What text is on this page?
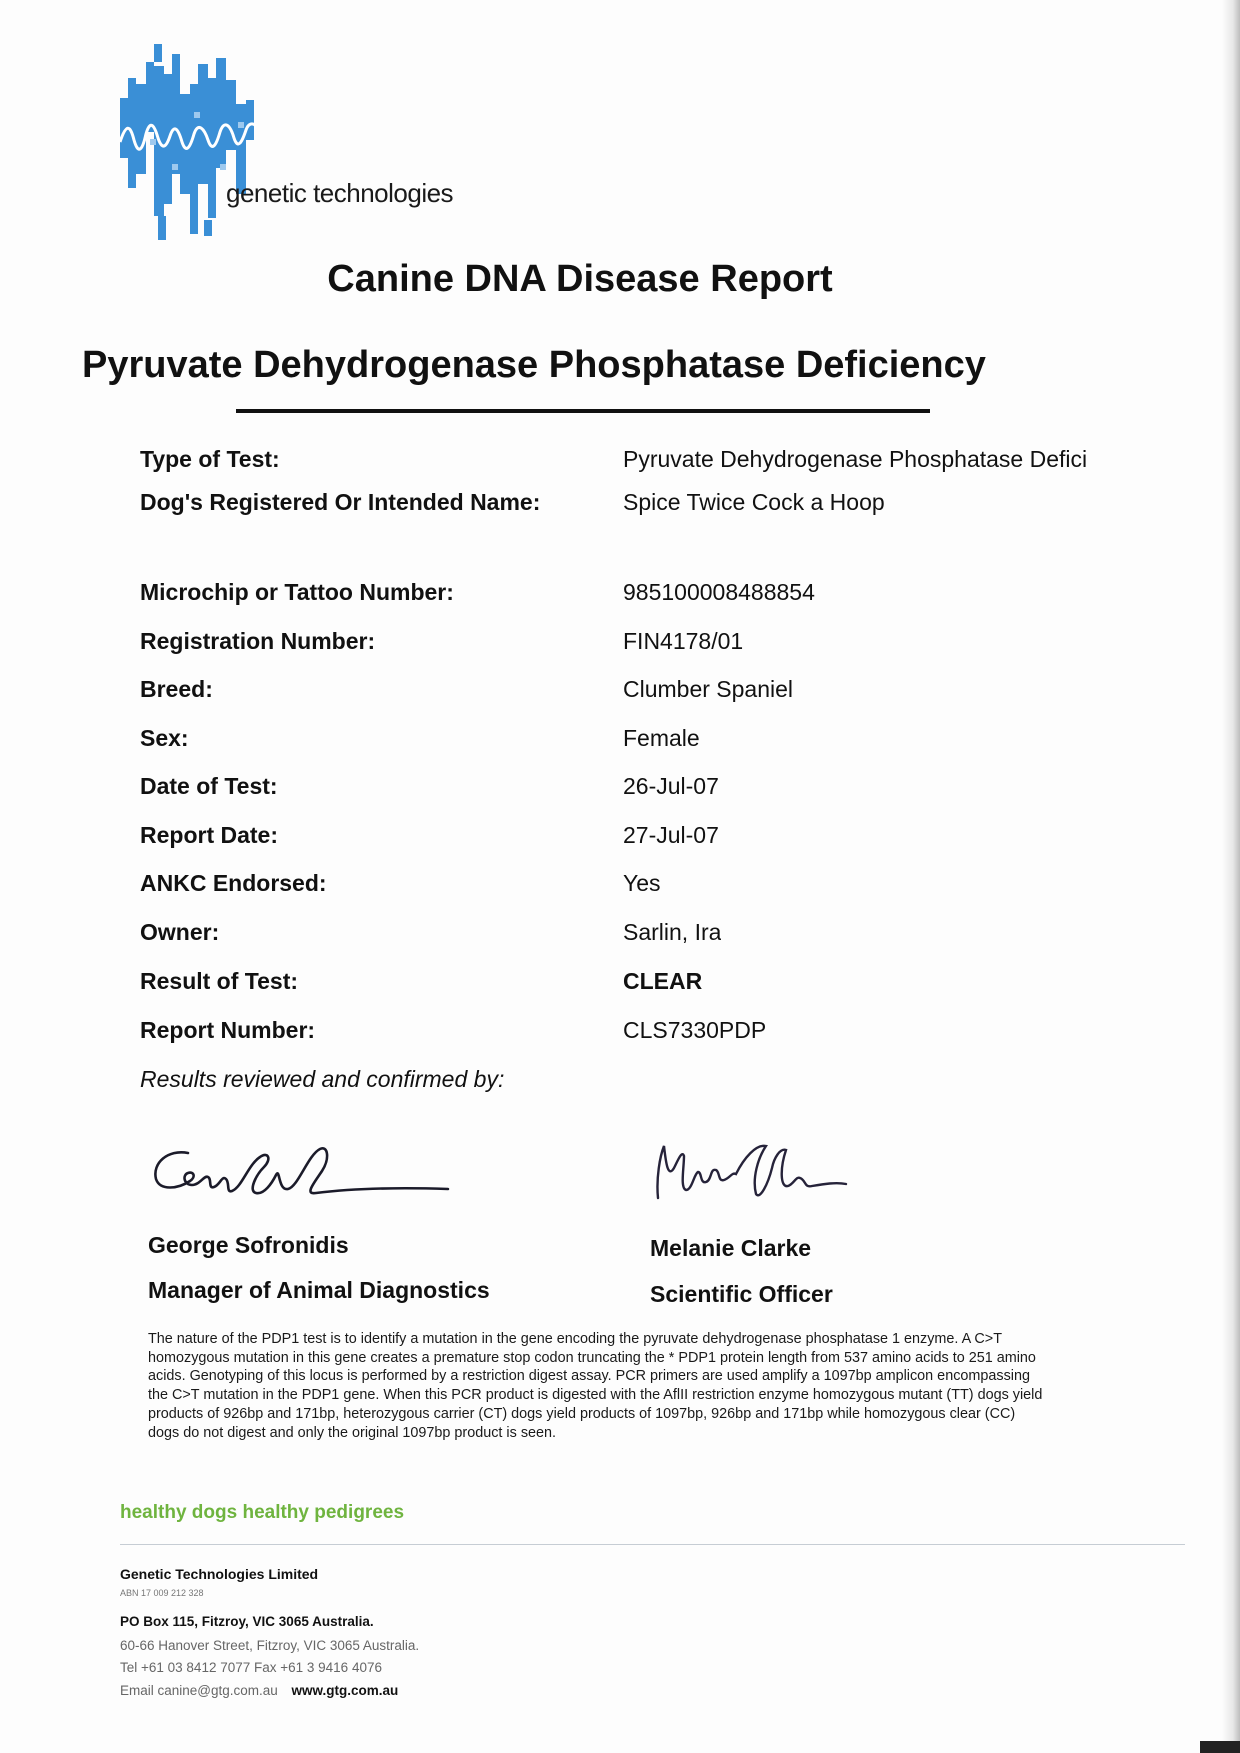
genetic technologies
Canine DNA Disease Report
Pyruvate Dehydrogenase Phosphatase Deficiency
Type of Test:	Pyruvate Dehydrogenase Phosphatase Defici
Dog's Registered Or Intended Name:	Spice Twice Cock a Hoop
Microchip or Tattoo Number:	985100008488854
Registration Number:	FIN4178/01
Breed:	Clumber Spaniel
Sex:	Female
Date of Test:	26-Jul-07
Report Date:	27-Jul-07
ANKC Endorsed:	Yes
Owner:	Sarlin, Ira
Result of Test:	CLEAR
Report Number:	CLS7330PDP
Results reviewed and confirmed by:
George Sofronidis
Manager of Animal Diagnostics
Melanie Clarke
Scientific Officer
The nature of the PDP1 test is to identify a mutation in the gene encoding the pyruvate dehydrogenase phosphatase 1 enzyme. A C>T homozygous mutation in this gene creates a premature stop codon truncating the * PDP1 protein length from 537 amino acids to 251 amino acids. Genotyping of this locus is performed by a restriction digest assay. PCR primers are used amplify a 1097bp amplicon encompassing the C>T mutation in the PDP1 gene. When this PCR product is digested with the AflII restriction enzyme homozygous mutant (TT) dogs yield products of 926bp and 171bp, heterozygous carrier (CT) dogs yield products of 1097bp, 926bp and 171bp while homozygous clear (CC) dogs do not digest and only the original 1097bp product is seen.
healthy dogs healthy pedigrees
Genetic Technologies Limited
ABN 17 009 212 328
PO Box 115, Fitzroy, VIC 3065 Australia.
60-66 Hanover Street, Fitzroy, VIC 3065 Australia.
Tel +61 03 8412 7077 Fax +61 3 9416 4076
Email canine@gtg.com.au www.gtg.com.au
